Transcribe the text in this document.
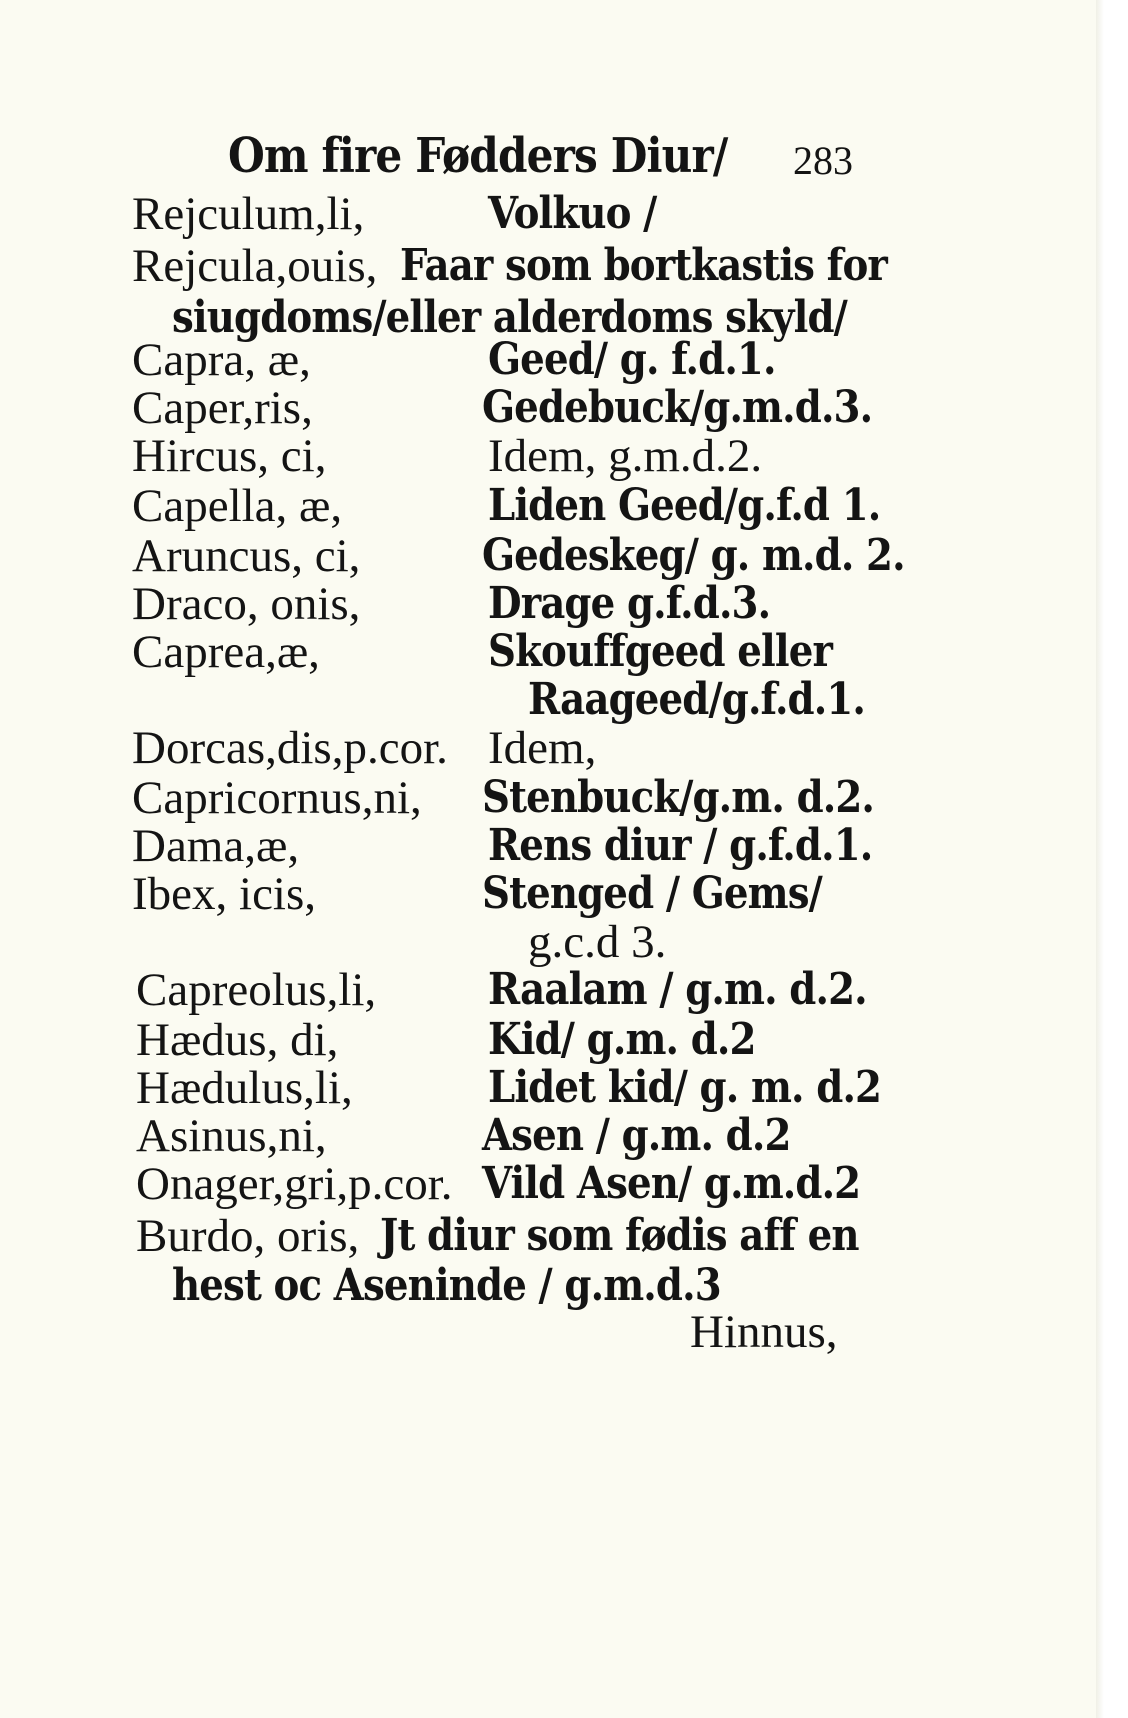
Om fire Fødders Diur/ 283
Rejculum,li,	Volkuo /
Rejcula,ouis, Faar som bortkastis for
siugdoms/eller alderdoms skyld/
Capra, æ,	Geed/ g. f.d.1.
Caper,ris,	Gedebuck/g.m.d.3.
Hircus, ci,	Idem, g.m.d.2.
Capella, æ,	Liden Geed/g.f.d 1.
Aruncus, ci,	Gedeskeg/ g. m.d. 2.
Draco, onis,	Drage g.f.d.3.
Caprea,æ,	Skouffgeed eller
Raageed/g.f.d.1.
Dorcas,dis,p.cor. Idem,
Capricornus,ni, Stenbuck/g.m. d.2.
Dama,æ,	Rens diur / g.f.d.1.
Ibex, icis,	Stenged / Gems/
g.c.d 3.
Capreolus,li,	Raalam / g.m. d.2.
Hædus, di,	Kid/ g.m. d.2
Hædulus,li,	Lidet kid/ g. m. d.2
Asinus,ni,	Asen / g.m. d.2
Onager,gri,p.cor. Vild Asen/ g.m.d.2
Burdo, oris, Jt diur som fødis aff en
hest oc Aseninde / g.m.d.3
Hinnus,
